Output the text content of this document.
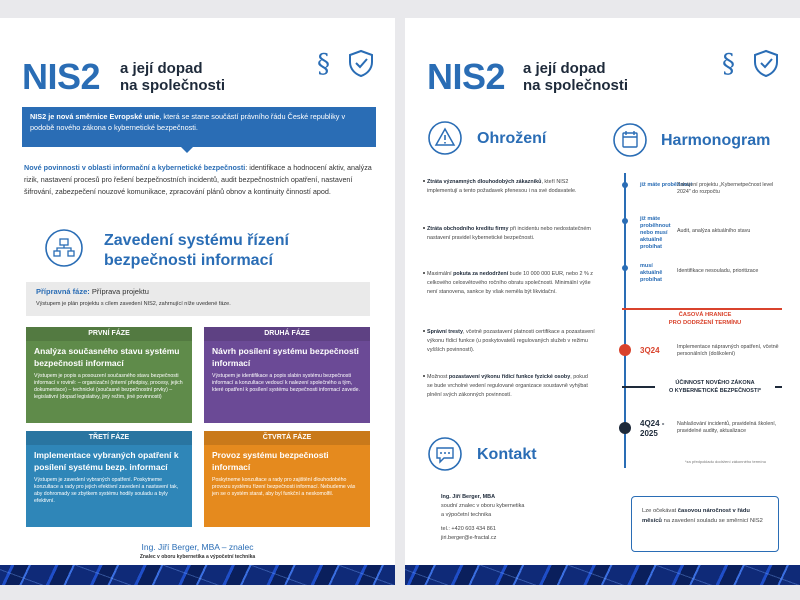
NIS2 a její dopad
na společnosti
§
NIS2 je nová směrnice Evropské unie, která se stane součástí právního řádu České republiky v podobě nového zákona o kybernetické bezpečnosti.
Nové povinnosti v oblasti informační a kybernetické bezpečnosti: identifikace a hodnocení aktiv, analýza rizik, nastavení procesů pro řešení bezpečnostních incidentů, audit bezpečnostních opatření, nastavení šifrování, zabezpečení nouzové komunikace, zpracování plánů obnov a kontinuity činností apod.
Zavedení systému řízení
bezpečnosti informací
Přípravná fáze: Příprava projektu
Výstupem je plán projektu s cílem zavedení NIS2, zahrnující níže uvedené fáze.
PRVNÍ FÁZE
Analýza současného stavu systému bezpečnosti informací
Výstupem je popis a posouzení současného stavu bezpečnosti informací v rovině: – organizační (interní předpisy, procesy, jejich dokumentace) – technické (současné bezpečnostní prvky) – legislativní (dopad legislativy, jiný režim, jiné povinnosti)
DRUHÁ FÁZE
Návrh posílení systému bezpečnosti informací
Výstupem je identifikace a popis slabin systému bezpečnosti informací a konzultace vedoucí k nalezení společného a tým, které opatření k posílení systému bezpečnosti informací zavede.
TŘETÍ FÁZE
Implementace vybraných opatření k posílení systému bezp. informací
Výstupem je zavedení vybraných opatření. Poskytneme konzultace a rady pro jejich efektivní zavedení a nastavení tak, aby dohromady se zbytkem systému hodily souladu a byly efektivní.
ČTVRTÁ FÁZE
Provoz systému bezpečnosti informací
Poskytneme konzultace a rady pro zajištění dlouhodobého provozu systému řízení bezpečnosti informací. Nebudeme vás jen se o systém starat, aby byl funkční a neskomolfil.
Ing. Jiří Berger, MBA – znalec
Znalec v oboru kybernetika a výpočetní technika
NIS2 a její dopad
na společnosti
§
Ohrožení
Ztráta významných dlouhodobých zákazníků, kteří NIS2 implementují a tento požadavek přenesou i na své dodavatele.
Ztráta obchodního kreditu firmy při incidentu nebo nedostatečném nastavení pravidel kybernetické bezpečnosti.
Maximální pokuta za nedodržení bude 10 000 000 EUR, nebo 2 % z celkového celosvětového ročního obratu společnosti. Minimální výše není stanovena, sankce by však neměla být likvidační.
Správní tresty, včetně pozastavení platnosti certifikace a pozastavení výkonu řídicí funkce (u poskytovatelů regulovaných služeb v režimu vyšších povinností).
Možnost pozastavení výkonu řídicí funkce fyzické osoby, pokud se bude vrcholné vedení regulované organizace soustavně vyhýbat plnění svých zákonných povinností.
Kontakt
Ing. Jiří Berger, MBA
soudní znalec v oboru kybernetika
a výpočetní technika
tel.: +420 603 434 861
jiri.berger@e-fractal.cz
Harmonogram
již máte proběhnout
Zahájení projektu „Kybernetpečnost level 2024" do rozpočtu
již máte proběhnout nebo musí aktuálně probíhat
Audit, analýza aktuálního stavu
musí aktuálně probíhat
Identifikace nesouladu, prioritizace
ČASOVÁ HRANICE
PRO DODRŽENÍ TERMÍNU
3Q24	Implementace nápravných opatření, včetně personálních (doškolení)
ÚČINNOST NOVÉHO ZÁKONA
O KYBERNETICKÉ BEZPEČNOSTI*
4Q24 - 2025
Nahlašování incidentů, pravidelná školení, pravidelné audity, aktualizace
*za předpokladu dodržení zákonného termínu
Lze očekávat časovou náročnost v řádu měsíců na zavedení souladu se směrnicí NIS2
